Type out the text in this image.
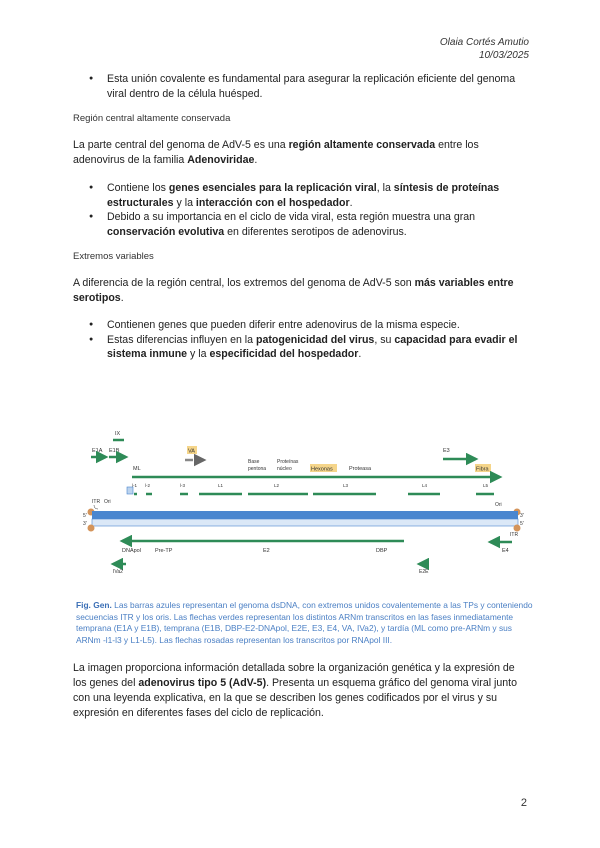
Olaia Cortés Amutio
10/03/2025
● Esta unión covalente es fundamental para asegurar la replicación eficiente del genoma viral dentro de la célula huésped.
Región central altamente conservada
La parte central del genoma de AdV-5 es una región altamente conservada entre los adenovirus de la familia Adenoviridae.
● Contiene los genes esenciales para la replicación viral, la síntesis de proteínas estructurales y la interacción con el hospedador.
● Debido a su importancia en el ciclo de vida viral, esta región muestra una gran conservación evolutiva en diferentes serotipos de adenovirus.
Extremos variables
A diferencia de la región central, los extremos del genoma de AdV-5 son más variables entre serotipos.
● Contienen genes que pueden diferir entre adenovirus de la misma especie.
● Estas diferencias influyen en la patogenicidad del virus, su capacidad para evadir el sistema inmune y la especificidad del hospedador.
IX
E1A E1B	VA	E3
Base
pentona
Proteínas
núcleo	Hexonas	Proteasa	Fibra
ML
l-1 l-2	l-3	L1	L2	L3	L4	L5
ITR Ori	Ori
5'
3'
3'
5'
ITR
DNApol	Pre-TP	E2	DBP	E4
IVa2	E2E
Fig. Gen. Las barras azules representan el genoma dsDNA, con extremos unidos covalentemente a las TPs y conteniendo secuencias ITR y los oris. Las flechas verdes representan los distintos ARNm transcritos en las fases inmediatamente temprana (E1A y E1B), temprana (E1B, DBP-E2-DNApol, E2E, E3, E4, VA, IVa2), y tardía (ML como pre-ARNm y sus ARNm -l1-l3 y L1-L5). Las flechas rosadas representan los transcritos por RNApol III.
La imagen proporciona información detallada sobre la organización genética y la expresión de los genes del adenovirus tipo 5 (AdV-5). Presenta un esquema gráfico del genoma viral junto con una leyenda explicativa, en la que se describen los genes codificados por el virus y su expresión en diferentes fases del ciclo de replicación.
2
